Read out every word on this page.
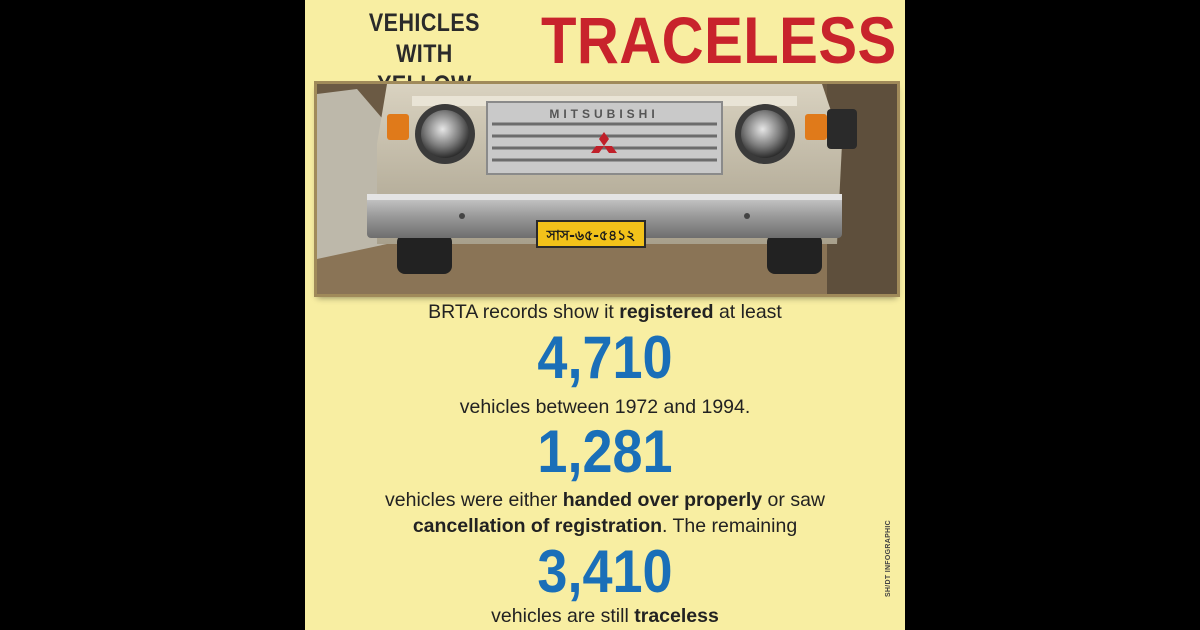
VEHICLES WITH	TRACELESS
MITSUBISHI
সাস-৬৫-৫৪১২
BRTA records show it registered at least
4,710
vehicles between 1972 and 1994.
1,281
vehicles were either handed over properly or saw
cancellation of registration. The remaining
3,410
vehicles are still traceless
SH/DT INFOGRAPHIC
